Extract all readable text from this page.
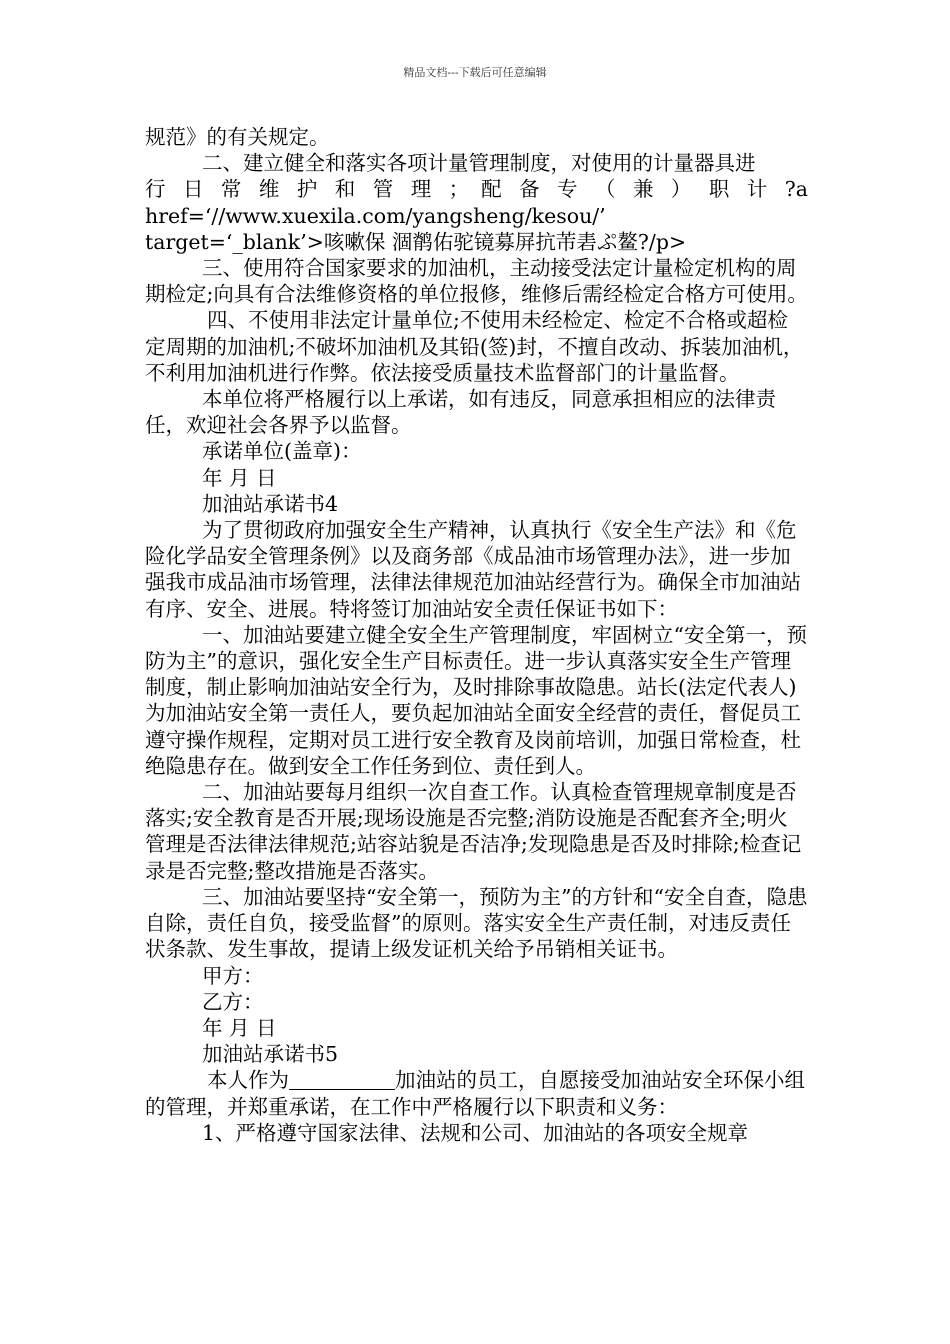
精品文档---下载后可任意编辑

规范》的有关规定。

二、建立健全和落实各项计量管理制度，对使用的计量器具进

行 日 常 维 护 和 管 理 ； 配 备 专 （ 兼 ） 职 计 ?a

href=‘//www.xuexila.com/yangsheng/kesou/’

target=‘_blank’>咳嗽保 涸鹡佑驼镜募屏抗芾砉ぷ鳌?/p>

三、使用符合国家要求的加油机，主动接受法定计量检定机构的周期检定;向具有合法维修资格的单位报修，维修后需经检定合格方可使用。

四、不使用非法定计量单位;不使用未经检定、检定不合格或超检定周期的加油机;不破坏加油机及其铅(签)封，不擅自改动、拆装加油机，不利用加油机进行作弊。依法接受质量技术监督部门的计量监督。

本单位将严格履行以上承诺，如有违反，同意承担相应的法律责任，欢迎社会各界予以监督。

承诺单位(盖章)：

年 月 日

加油站承诺书4

为了贯彻政府加强安全生产精神，认真执行《安全生产法》和《危险化学品安全管理条例》以及商务部《成品油市场管理办法》，进一步加强我市成品油市场管理，法律法律规范加油站经营行为。确保全市加油站有序、安全、进展。特将签订加油站安全责任保证书如下：

一、加油站要建立健全安全生产管理制度，牢固树立“安全第一，预防为主”的意识，强化安全生产目标责任。进一步认真落实安全生产管理制度，制止影响加油站安全行为，及时排除事故隐患。站长(法定代表人)为加油站安全第一责任人，要负起加油站全面安全经营的责任，督促员工遵守操作规程，定期对员工进行安全教育及岗前培训，加强日常检查，杜绝隐患存在。做到安全工作任务到位、责任到人。

二、加油站要每月组织一次自查工作。认真检查管理规章制度是否落实;安全教育是否开展;现场设施是否完整;消防设施是否配套齐全;明火管理是否法律法律规范;站容站貌是否洁净;发现隐患是否及时排除;检查记录是否完整;整改措施是否落实。

三、加油站要坚持“安全第一，预防为主”的方针和“安全自查，隐患自除，责任自负，接受监督”的原则。落实安全生产责任制，对违反责任状条款、发生事故，提请上级发证机关给予吊销相关证书。

甲方：

乙方：

年 月 日

加油站承诺书5

本人作为	加油站的员工，自愿接受加油站安全环保小组的管理，并郑重承诺，在工作中严格履行以下职责和义务：

1、严格遵守国家法律、法规和公司、加油站的各项安全规章
